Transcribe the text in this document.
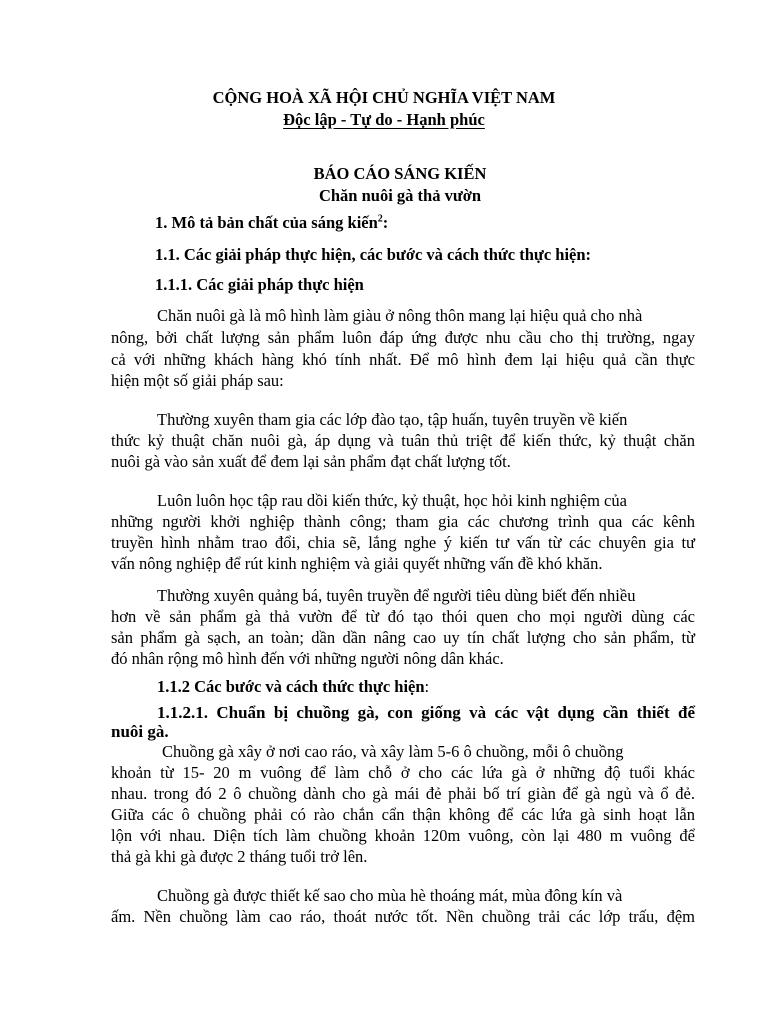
CỘNG HOÀ XÃ HỘI CHỦ NGHĨA VIỆT NAM
Độc lập - Tự do - Hạnh phúc
BÁO CÁO SÁNG KIẾN
Chăn nuôi gà thả vườn
1. Mô tả bản chất của sáng kiến$^2$:
1.1. Các giải pháp thực hiện, các bước và cách thức thực hiện:
1.1.1. Các giải pháp thực hiện
Chăn nuôi gà là mô hình làm giàu ở nông thôn mang lại hiệu quả cho nhà
nông, bởi chất lượng sản phẩm luôn đáp ứng được nhu cầu cho thị trường, ngay
cả với những khách hàng khó tính nhất. Để mô hình đem lại hiệu quả cần thực
hiện một số giải pháp sau:
Thường xuyên tham gia các lớp đào tạo, tập huấn, tuyên truyền về kiến
thức kỷ thuật chăn nuôi gà, áp dụng và tuân thủ triệt để kiến thức, kỷ thuật chăn
nuôi gà vào sản xuất để đem lại sản phẩm đạt chất lượng tốt.
Luôn luôn học tập rau dồi kiến thức, kỷ thuật, học hỏi kinh nghiệm của
những người khởi nghiệp thành công; tham gia các chương trình qua các kênh
truyền hình nhằm trao đổi, chia sẽ, lắng nghe ý kiến tư vấn từ các chuyên gia tư
vấn nông nghiệp để rút kinh nghiệm và giải quyết những vấn đề khó khăn.
Thường xuyên quảng bá, tuyên truyền để người tiêu dùng biết đến nhiều
hơn về sản phẩm gà thả vườn để từ đó tạo thói quen cho mọi người dùng các
sản phẩm gà sạch, an toàn; dần dần nâng cao uy tín chất lượng cho sản phẩm, từ
đó nhân rộng mô hình đến với những người nông dân khác.
1.1.2 Các bước và cách thức thực hiện:
1.1.2.1. Chuẩn bị chuồng gà, con giống và các vật dụng cần thiết để
nuôi gà.
Chuồng gà xây ở nơi cao ráo, và xây làm 5-6 ô chuồng, mỗi ô chuồng
khoản từ 15- 20 m vuông để làm chỗ ở cho các lứa gà ở những độ tuổi khác
nhau. trong đó 2 ô chuồng dành cho gà mái đẻ phải bố trí giàn để gà ngủ và ổ đẻ.
Giữa các ô chuồng phải có rào chắn cẩn thận không để các lứa gà sinh hoạt lẫn
lộn với nhau. Diện tích làm chuồng khoản 120m vuông, còn lại 480 m vuông để
thả gà khi gà được 2 tháng tuổi trở lên.
Chuồng gà được thiết kế sao cho mùa hè thoáng mát, mùa đông kín và
ấm. Nền chuồng làm cao ráo, thoát nước tốt. Nền chuồng trải các lớp trấu, đệm
